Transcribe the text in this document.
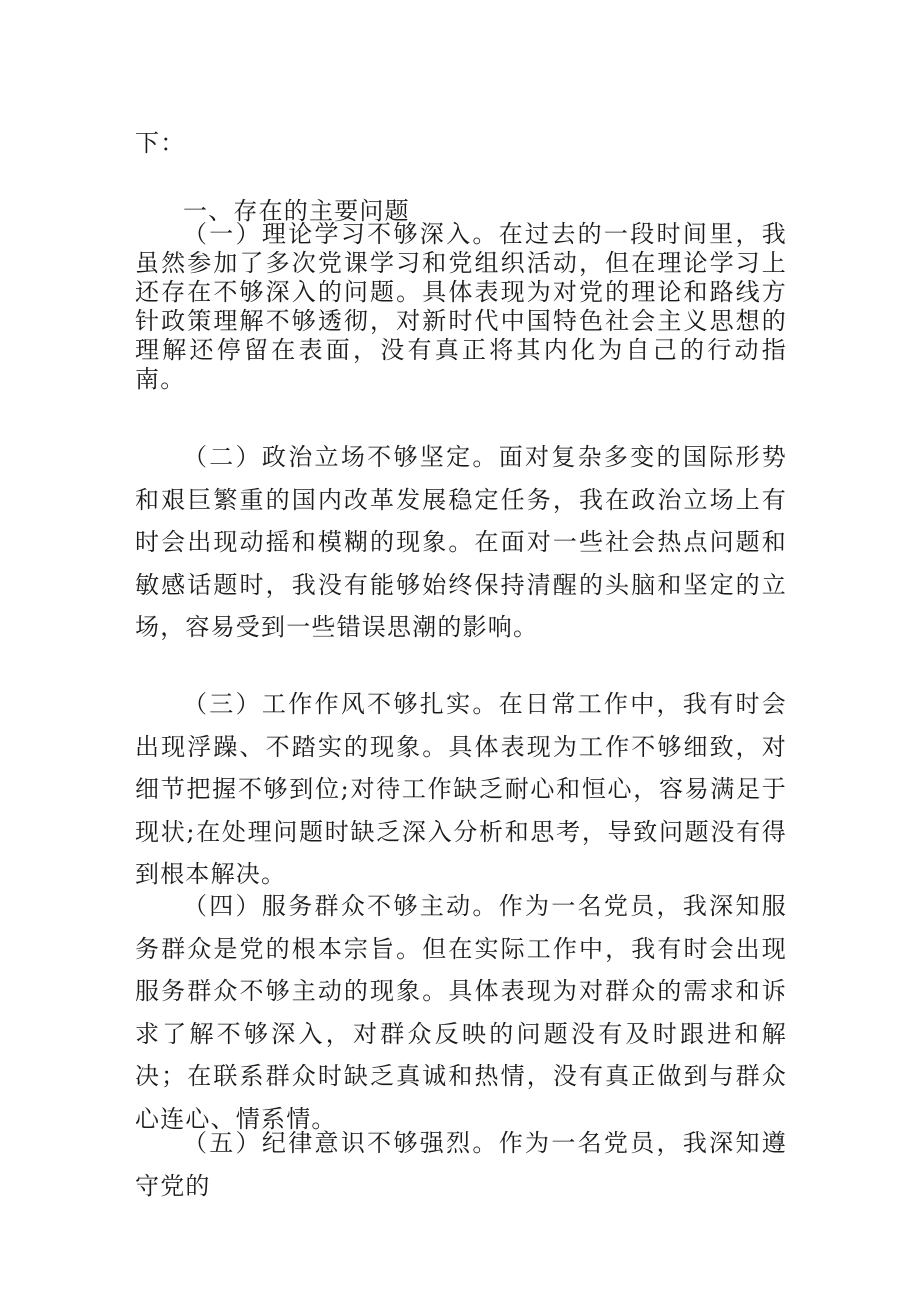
下：
一、存在的主要问题

（一）理论学习不够深入。在过去的一段时间里，我虽然参加了多次党课学习和党组织活动，但在理论学习上还存在不够深入的问题。具体表现为对党的理论和路线方针政策理解不够透彻，对新时代中国特色社会主义思想的理解还停留在表面，没有真正将其内化为自己的行动指南。

（二）政治立场不够坚定。面对复杂多变的国际形势和艰巨繁重的国内改革发展稳定任务，我在政治立场上有时会出现动摇和模糊的现象。在面对一些社会热点问题和敏感话题时，我没有能够始终保持清醒的头脑和坚定的立场，容易受到一些错误思潮的影响。

（三）工作作风不够扎实。在日常工作中，我有时会出现浮躁、不踏实的现象。具体表现为工作不够细致，对细节把握不够到位;对待工作缺乏耐心和恒心，容易满足于现状;在处理问题时缺乏深入分析和思考，导致问题没有得到根本解决。

（四）服务群众不够主动。作为一名党员，我深知服务群众是党的根本宗旨。但在实际工作中，我有时会出现服务群众不够主动的现象。具体表现为对群众的需求和诉求了解不够深入，对群众反映的问题没有及时跟进和解决；在联系群众时缺乏真诚和热情，没有真正做到与群众心连心、情系情。

（五）纪律意识不够强烈。作为一名党员，我深知遵守党的
